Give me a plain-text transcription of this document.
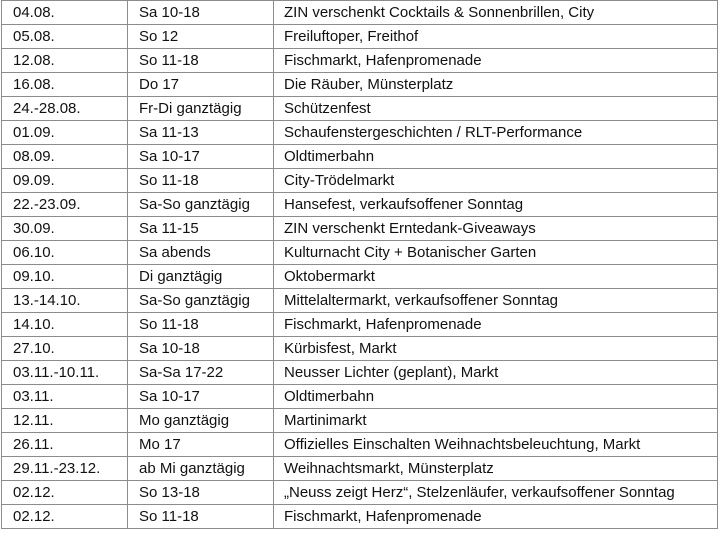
04.08.	Sa 10-18	ZIN verschenkt Cocktails & Sonnenbrillen, City
05.08.	So 12	Freiluftoper, Freithof
12.08.	So 11-18	Fischmarkt, Hafenpromenade
16.08.	Do 17	Die Räuber, Münsterplatz
24.-28.08.	Fr-Di ganztägig	Schützenfest
01.09.	Sa 11-13	Schaufenstergeschichten / RLT-Performance
08.09.	Sa 10-17	Oldtimerbahn
09.09.	So 11-18	City-Trödelmarkt
22.-23.09.	Sa-So ganztägig	Hansefest, verkaufsoffener Sonntag
30.09.	Sa 11-15	ZIN verschenkt Erntedank-Giveaways
06.10.	Sa abends	Kulturnacht City + Botanischer Garten
09.10.	Di ganztägig	Oktobermarkt
13.-14.10.	Sa-So ganztägig	Mittelaltermarkt, verkaufsoffener Sonntag
14.10.	So 11-18	Fischmarkt, Hafenpromenade
27.10.	Sa 10-18	Kürbisfest, Markt
03.11.-10.11.	Sa-Sa 17-22	Neusser Lichter (geplant), Markt
03.11.	Sa 10-17	Oldtimerbahn
12.11.	Mo ganztägig	Martinimarkt
26.11.	Mo 17	Offizielles Einschalten Weihnachtsbeleuchtung, Markt
29.11.-23.12.	ab Mi ganztägig	Weihnachtsmarkt, Münsterplatz
02.12.	So 13-18	„Neuss zeigt Herz“, Stelzenläufer, verkaufsoffener Sonntag
02.12.	So 11-18	Fischmarkt, Hafenpromenade
